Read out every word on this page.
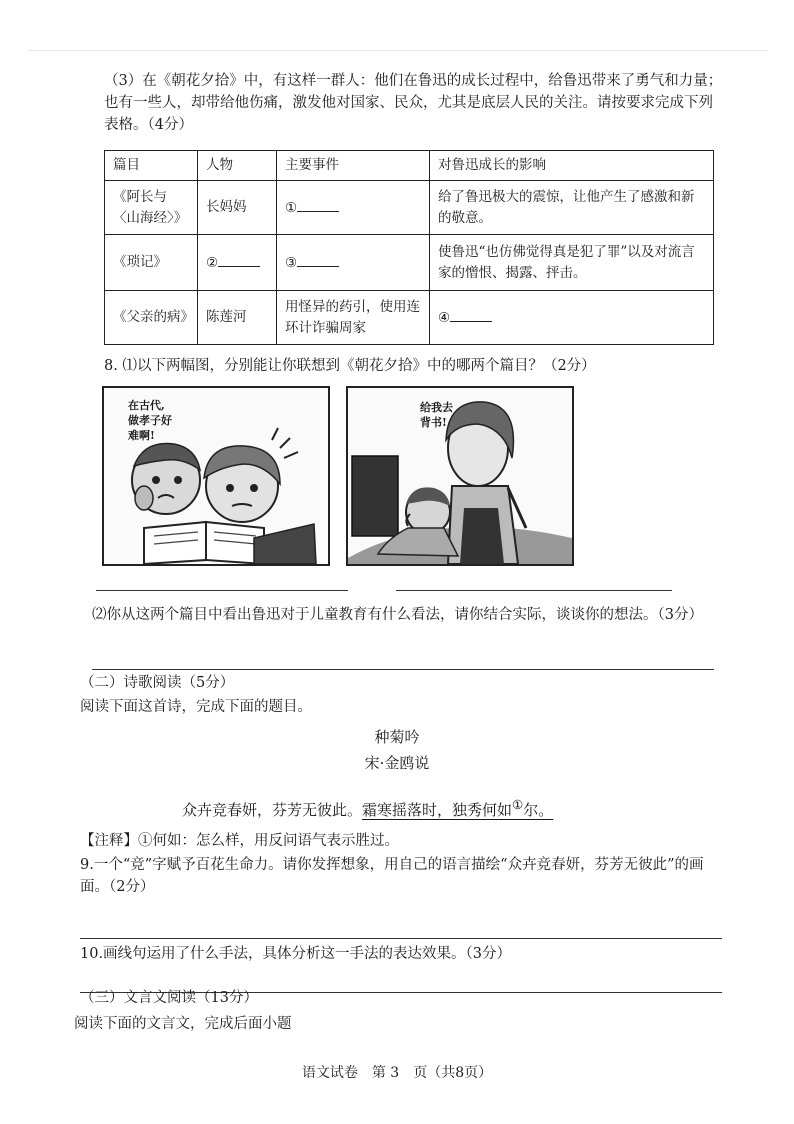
（3）在《朝花夕拾》中，有这样一群人：他们在鲁迅的成长过程中，给鲁迅带来了勇气和力量；也有一些人，却带给他伤痛，激发他对国家、民众，尤其是底层人民的关注。请按要求完成下列表格。（4分）
篇目	人物	主要事件	对鲁迅成长的影响
《阿长与〈山海经〉》	长妈妈	①	给了鲁迅极大的震惊，让他产生了感激和新的敬意。
《琐记》	②	③	使鲁迅“也仿佛觉得真是犯了罪”以及对流言家的憎恨、揭露、抨击。
《父亲的病》	陈莲河	用怪异的药引，使用连环计诈骗周家	④
8. ⑴以下两幅图，分别能让你联想到《朝花夕拾》中的哪两个篇目？（2分）
在古代,
做孝子好
难啊!
给我去
背书!
⑵你从这两个篇目中看出鲁迅对于儿童教育有什么看法，请你结合实际，谈谈你的想法。（3分）
（二）诗歌阅读（5分）
阅读下面这首诗，完成下面的题目。
种菊吟
宋·金鸥说
众卉竞春妍，芬芳无彼此。霜寒摇落时，独秀何如①尔。
【注释】①何如：怎么样，用反问语气表示胜过。
9.一个“竞”字赋予百花生命力。请你发挥想象，用自己的语言描绘“众卉竞春妍，芬芳无彼此”的画面。（2分）
10.画线句运用了什么手法，具体分析这一手法的表达效果。（3分）
（三）文言文阅读（13分）
阅读下面的文言文，完成后面小题
语文试卷　第 3　页（共8页）
